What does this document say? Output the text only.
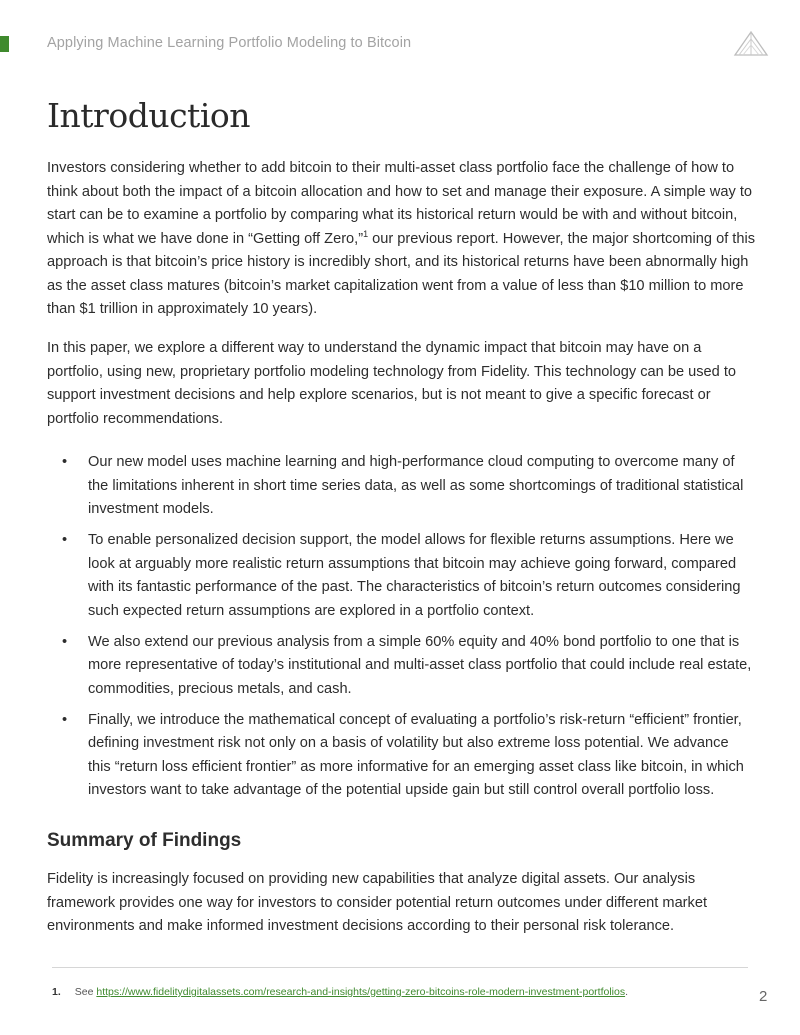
Applying Machine Learning Portfolio Modeling to Bitcoin
Introduction

Investors considering whether to add bitcoin to their multi-asset class portfolio face the challenge of how to think about both the impact of a bitcoin allocation and how to set and manage their exposure. A simple way to start can be to examine a portfolio by comparing what its historical return would be with and without bitcoin, which is what we have done in “Getting off Zero,”$^1$ our previous report. However, the major shortcoming of this approach is that bitcoin’s price history is incredibly short, and its historical returns have been abnormally high as the asset class matures (bitcoin’s market capitalization went from a value of less than $10 million to more than $1 trillion in approximately 10 years).

In this paper, we explore a different way to understand the dynamic impact that bitcoin may have on a portfolio, using new, proprietary portfolio modeling technology from Fidelity. This technology can be used to support investment decisions and help explore scenarios, but is not meant to give a specific forecast or portfolio recommendations.

• Our new model uses machine learning and high-performance cloud computing to overcome many of the limitations inherent in short time series data, as well as some shortcomings of traditional statistical investment models.
• To enable personalized decision support, the model allows for flexible returns assumptions. Here we look at arguably more realistic return assumptions that bitcoin may achieve going forward, compared with its fantastic performance of the past. The characteristics of bitcoin’s return outcomes considering such expected return assumptions are explored in a portfolio context.
• We also extend our previous analysis from a simple 60% equity and 40% bond portfolio to one that is more representative of today’s institutional and multi-asset class portfolio that could include real estate, commodities, precious metals, and cash.
• Finally, we introduce the mathematical concept of evaluating a portfolio’s risk-return “efficient” frontier, defining investment risk not only on a basis of volatility but also extreme loss potential. We advance this “return loss efficient frontier” as more informative for an emerging asset class like bitcoin, in which investors want to take advantage of the potential upside gain but still control overall portfolio loss.
Summary of Findings

Fidelity is increasingly focused on providing new capabilities that analyze digital assets. Our analysis framework provides one way for investors to consider potential return outcomes under different market environments and make informed investment decisions according to their personal risk tolerance.

1. See https://www.fidelitydigitalassets.com/research-and-insights/getting-zero-bitcoins-role-modern-investment-portfolios.	2
